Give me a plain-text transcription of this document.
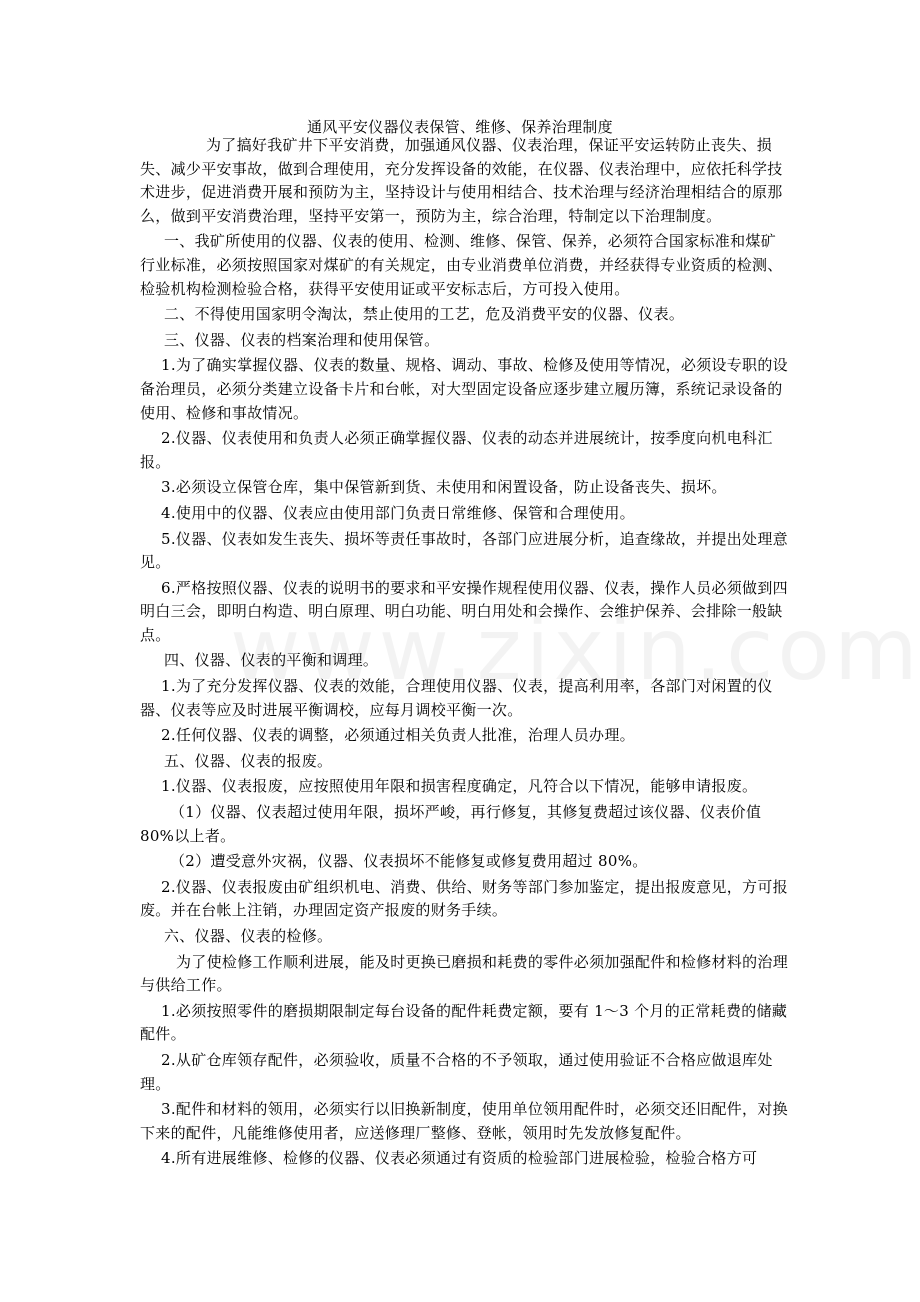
通风平安仪器仪表保管、维修、保养治理制度

为了搞好我矿井下平安消费，加强通风仪器、仪表治理，保证平安运转防止丧失、损失、减少平安事故，做到合理使用，充分发挥设备的效能，在仪器、仪表治理中，应依托科学技术进步，促进消费开展和预防为主，坚持设计与使用相结合、技术治理与经济治理相结合的原那么，做到平安消费治理，坚持平安第一，预防为主，综合治理，特制定以下治理制度。

一、我矿所使用的仪器、仪表的使用、检测、维修、保管、保养，必须符合国家标准和煤矿行业标准，必须按照国家对煤矿的有关规定，由专业消费单位消费，并经获得专业资质的检测、检验机构检测检验合格，获得平安使用证或平安标志后，方可投入使用。

二、不得使用国家明令淘汰，禁止使用的工艺，危及消费平安的仪器、仪表。

三、仪器、仪表的档案治理和使用保管。

1.为了确实掌握仪器、仪表的数量、规格、调动、事故、检修及使用等情况，必须设专职的设备治理员，必须分类建立设备卡片和台帐，对大型固定设备应逐步建立履历簿，系统记录设备的使用、检修和事故情况。

2.仪器、仪表使用和负责人必须正确掌握仪器、仪表的动态并进展统计，按季度向机电科汇报。

3.必须设立保管仓库，集中保管新到货、未使用和闲置设备，防止设备丧失、损坏。

4.使用中的仪器、仪表应由使用部门负责日常维修、保管和合理使用。

5.仪器、仪表如发生丧失、损坏等责任事故时，各部门应进展分析，追查缘故，并提出处理意见。

6.严格按照仪器、仪表的说明书的要求和平安操作规程使用仪器、仪表，操作人员必须做到四明白三会，即明白构造、明白原理、明白功能、明白用处和会操作、会维护保养、会排除一般缺点。

四、仪器、仪表的平衡和调理。

1.为了充分发挥仪器、仪表的效能，合理使用仪器、仪表，提高利用率，各部门对闲置的仪器、仪表等应及时进展平衡调校，应每月调校平衡一次。

2.任何仪器、仪表的调整，必须通过相关负责人批准，治理人员办理。

五、仪器、仪表的报废。

1.仪器、仪表报废，应按照使用年限和损害程度确定，凡符合以下情况，能够申请报废。

（1）仪器、仪表超过使用年限，损坏严峻，再行修复，其修复费超过该仪器、仪表价值80%以上者。

（2）遭受意外灾祸，仪器、仪表损坏不能修复或修复费用超过 80%。

2.仪器、仪表报废由矿组织机电、消费、供给、财务等部门参加鉴定，提出报废意见，方可报废。并在台帐上注销，办理固定资产报废的财务手续。

六、仪器、仪表的检修。

为了使检修工作顺利进展，能及时更换已磨损和耗费的零件必须加强配件和检修材料的治理与供给工作。

1.必须按照零件的磨损期限制定每台设备的配件耗费定额，要有 1～3 个月的正常耗费的储藏配件。

2.从矿仓库领存配件，必须验收，质量不合格的不予领取，通过使用验证不合格应做退库处理。

3.配件和材料的领用，必须实行以旧换新制度，使用单位领用配件时，必须交还旧配件，对换下来的配件，凡能维修使用者，应送修理厂整修、登帐，领用时先发放修复配件。

4.所有进展维修、检修的仪器、仪表必须通过有资质的检验部门进展检验，检验合格方可
